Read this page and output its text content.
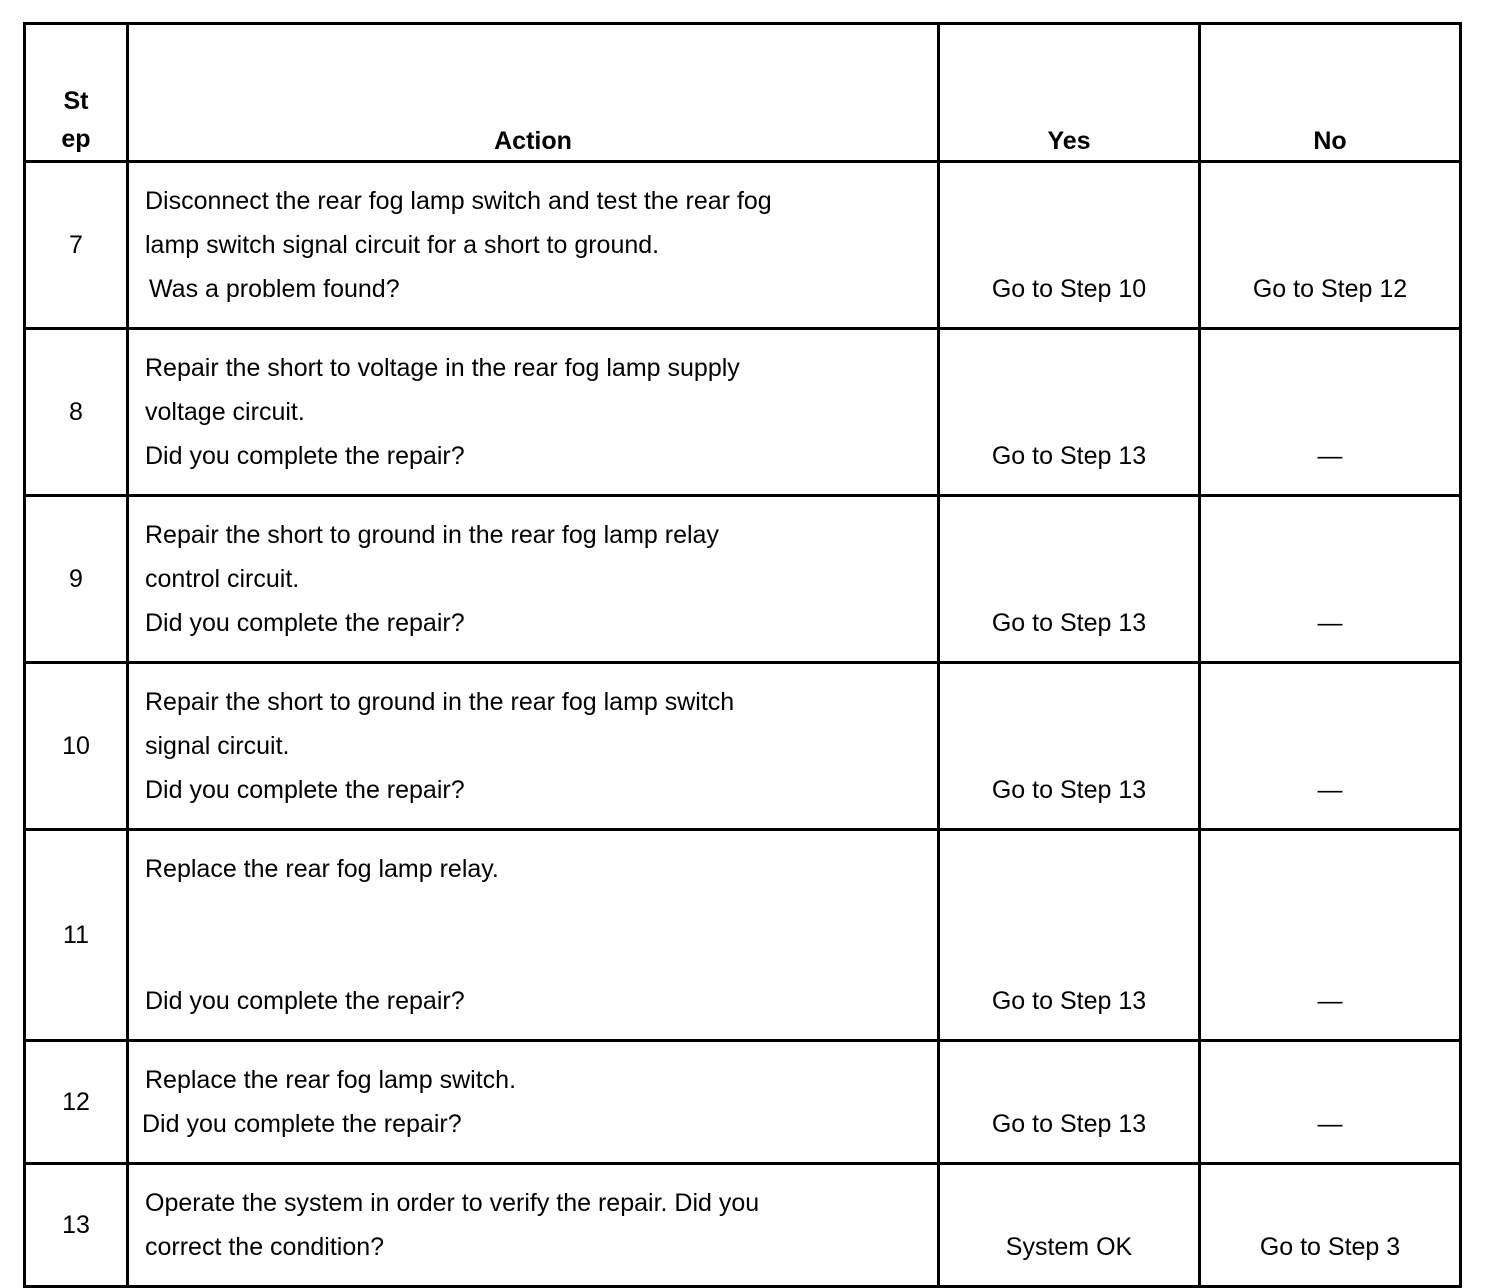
St
ep	Action	Yes	No

7	Disconnect the rear fog lamp switch and test the rear fog
lamp switch signal circuit for a short to ground.
Was a problem found?	Go to Step 10	Go to Step 12
8	Repair the short to voltage in the rear fog lamp supply
voltage circuit.
Did you complete the repair?	Go to Step 13	—
9	Repair the short to ground in the rear fog lamp relay
control circuit.
Did you complete the repair?	Go to Step 13	—
10	Repair the short to ground in the rear fog lamp switch
signal circuit.
Did you complete the repair?	Go to Step 13	—
11	Replace the rear fog lamp relay.
Did you complete the repair?	Go to Step 13	—
12	Replace the rear fog lamp switch.
Did you complete the repair?	Go to Step 13	—
13	Operate the system in order to verify the repair. Did you
correct the condition?	System OK	Go to Step 3
